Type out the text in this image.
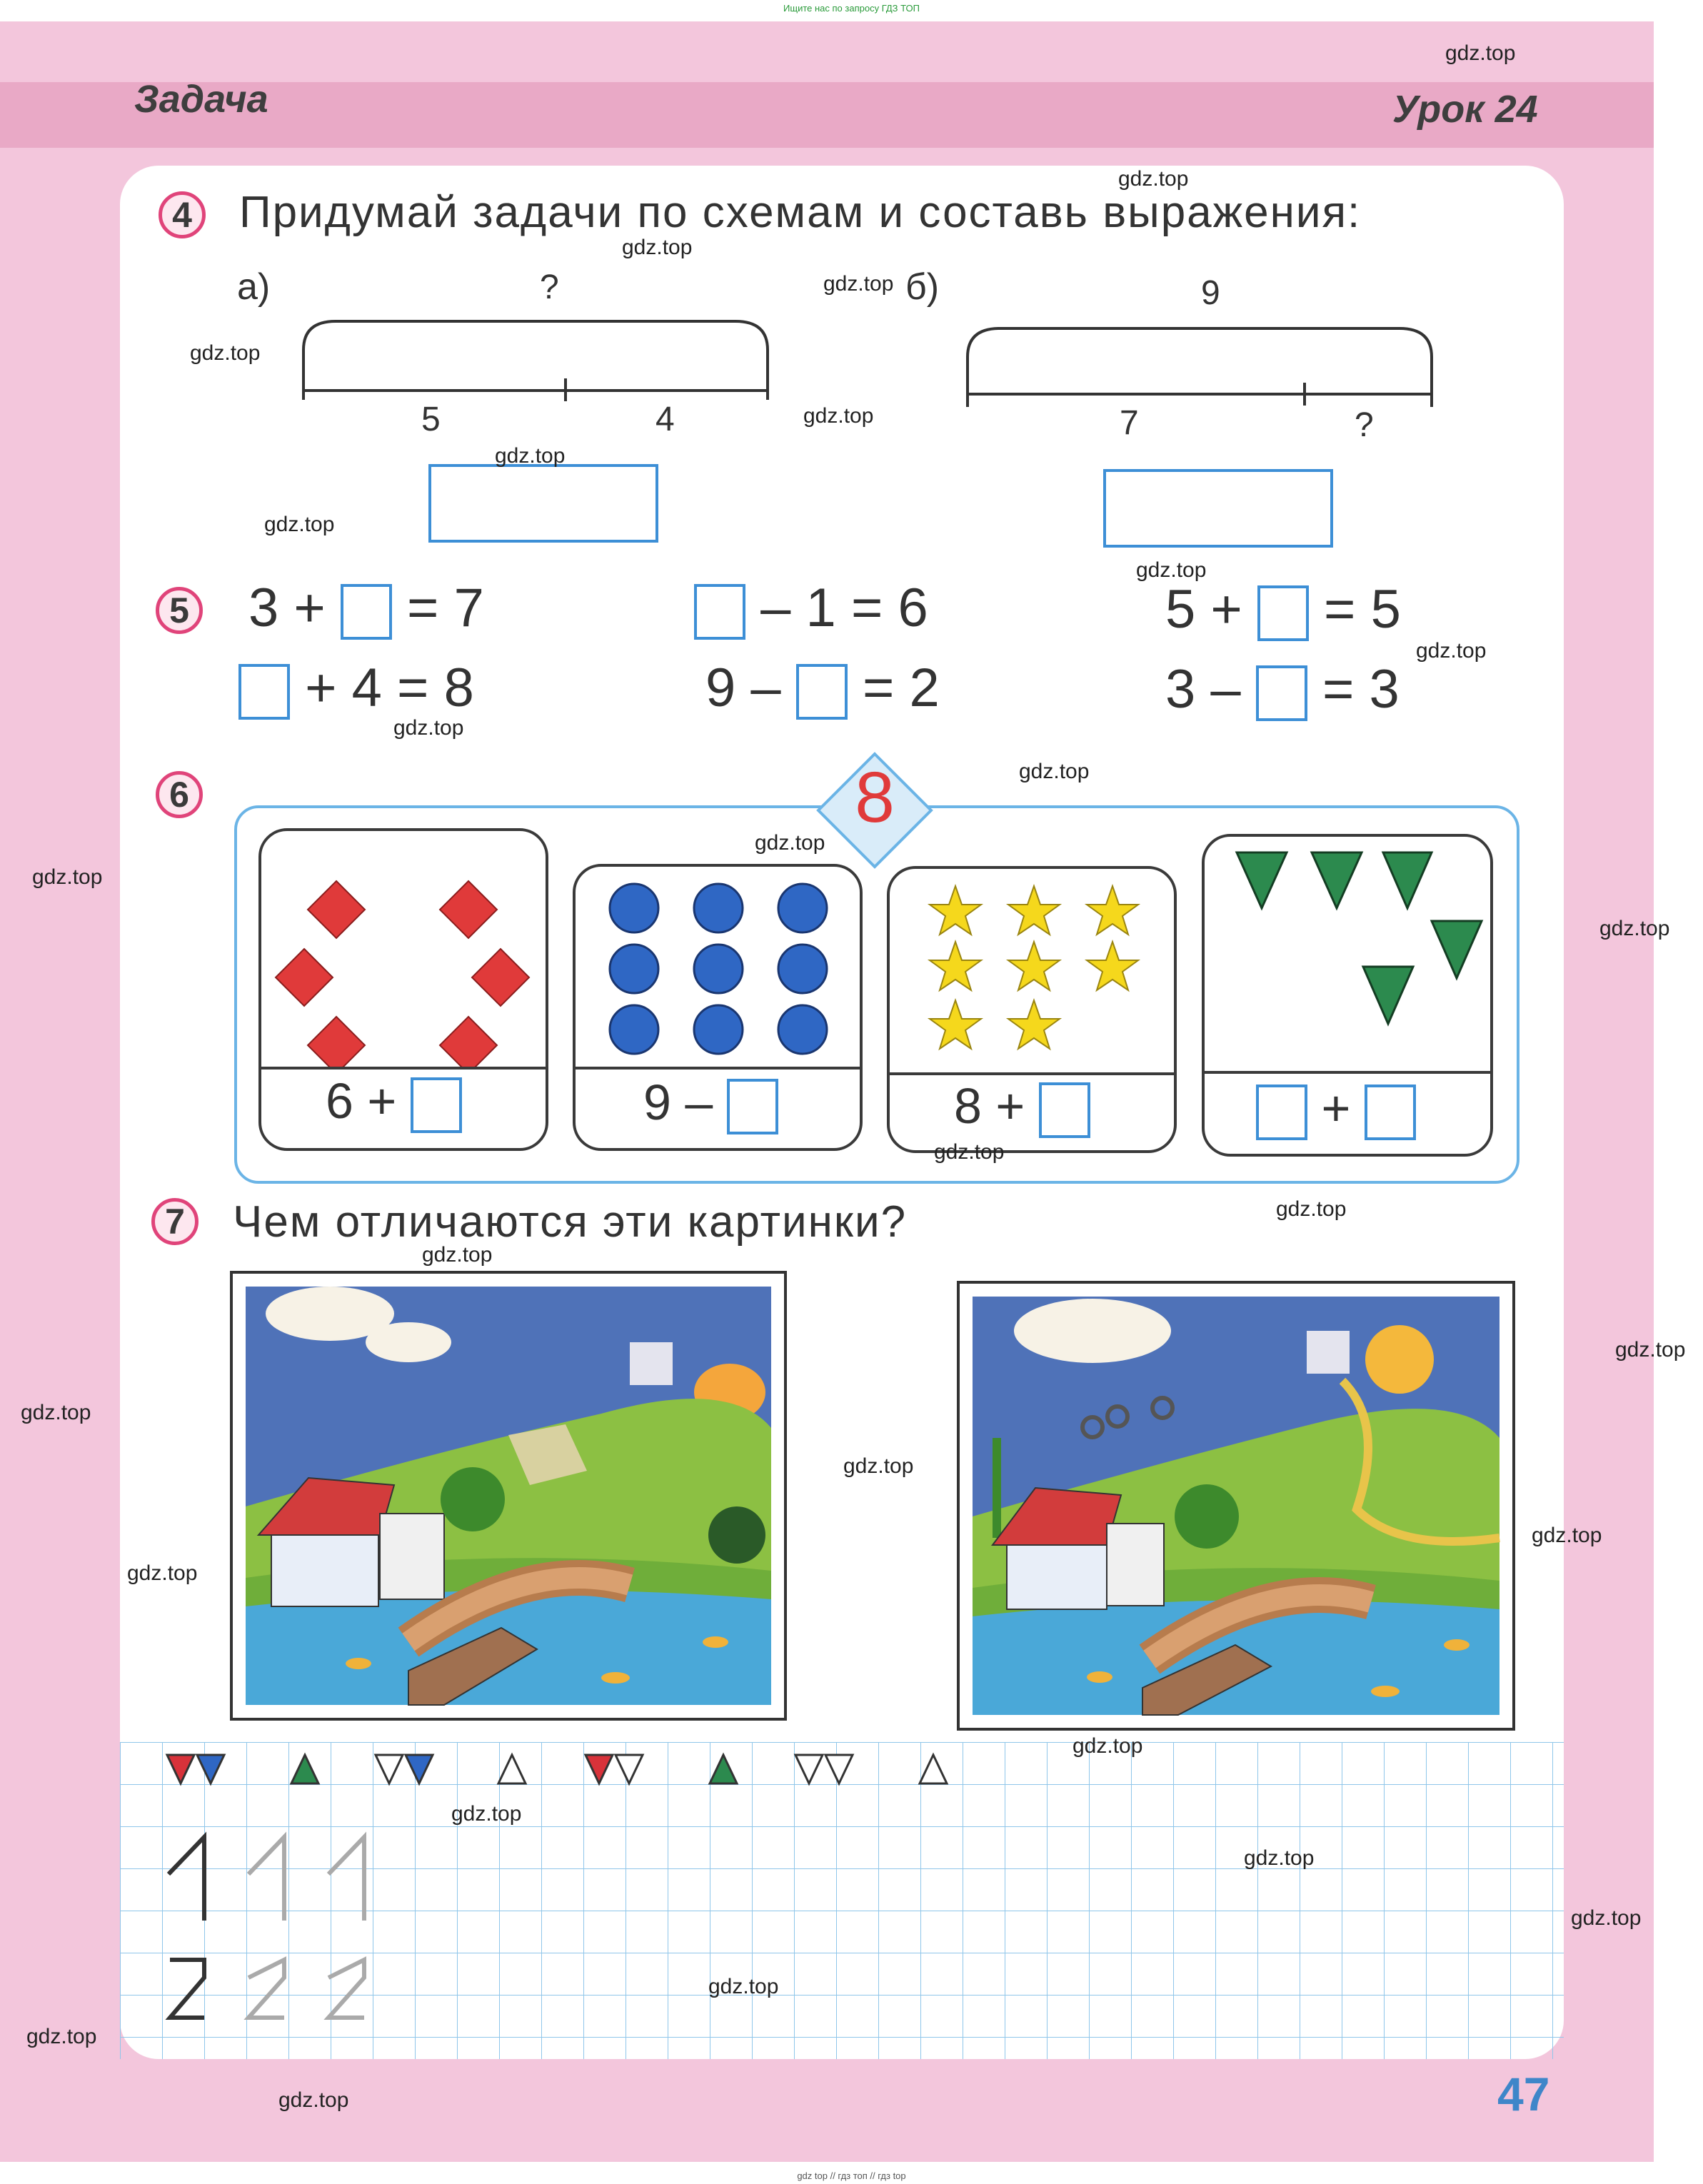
Ищите нас по запросу ГДЗ ТОП
Задача	Урок 24
4	Придумай задачи по схемам и составь выражения:
а)	б)
?
5	4
9
7	?
5 3 + = 7	– 1 = 6	5 + = 5
+ 4 = 8	9 – = 2	3 – = 3
6	8
6 +	9 –	8 +	+
7	Чем отличаются эти картинки?
gdz.top
gdz.top
gdz.top
gdz.top
gdz.top
gdz.top
gdz.top
gdz.top
gdz.top
gdz.top
gdz.top
gdz.top
gdz.top
gdz.top
gdz.top
gdz.top
gdz.top
gdz.top
gdz.top
gdz.top
gdz.top
gdz.top
gdz.top
gdz.top
gdz.top
gdz.top
gdz.top
gdz.top
gdz.top
gdz.top	47
gdz top // гдз топ // гдз top
